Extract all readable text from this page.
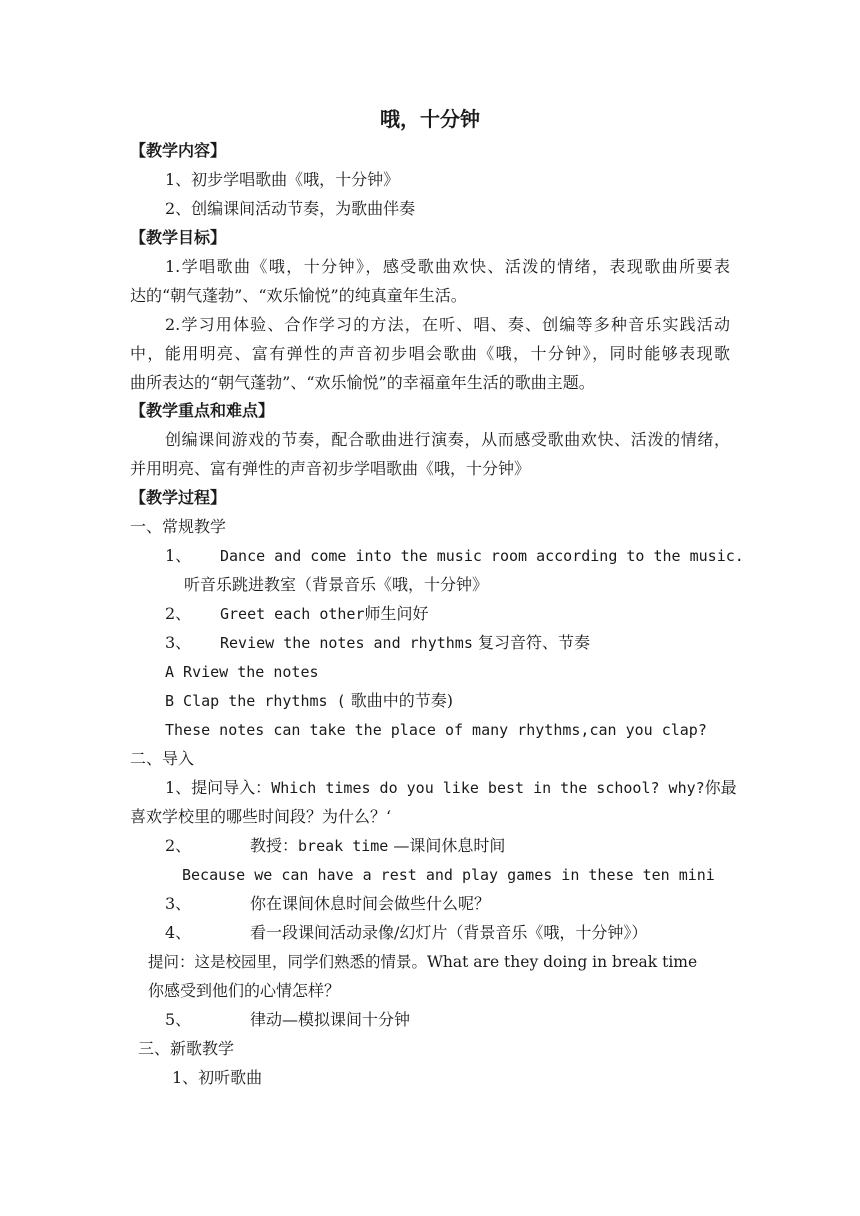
哦，十分钟
【教学内容】
1、初步学唱歌曲《哦，十分钟》
2、创编课间活动节奏，为歌曲伴奏
【教学目标】
1.学唱歌曲《哦，十分钟》，感受歌曲欢快、活泼的情绪，表现歌曲所要表
达的“朝气蓬勃”、“欢乐愉悦”的纯真童年生活。
2.学习用体验、合作学习的方法，在听、唱、奏、创编等多种音乐实践活动
中，能用明亮、富有弹性的声音初步唱会歌曲《哦，十分钟》，同时能够表现歌
曲所表达的“朝气蓬勃”、“欢乐愉悦”的幸福童年生活的歌曲主题。
【教学重点和难点】
创编课间游戏的节奏，配合歌曲进行演奏，从而感受歌曲欢快、活泼的情绪，
并用明亮、富有弹性的声音初步学唱歌曲《哦，十分钟》
【教学过程】
一、常规教学
1、 Dance and come into the music room according to the music.
听音乐跳进教室（背景音乐《哦，十分钟》
2、 Greet each other师生问好
3、 Review the notes and rhythms 复习音符、节奏
A Rview the notes
B Clap the rhythms ( 歌曲中的节奏)
These notes can take the place of many rhythms,can you clap?
二、导入
1、提问导入：Which times do you like best in the school? why?你最
喜欢学校里的哪些时间段？为什么？‘
2、	教授：break time —课间休息时间
Because we can have a rest and play games in these ten mini
3、	你在课间休息时间会做些什么呢？
4、	看一段课间活动录像/幻灯片（背景音乐《哦，十分钟》）
提问：这是校园里，同学们熟悉的情景。What are they doing in break time
你感受到他们的心情怎样？
5、	律动—模拟课间十分钟
三、新歌教学
1、初听歌曲
